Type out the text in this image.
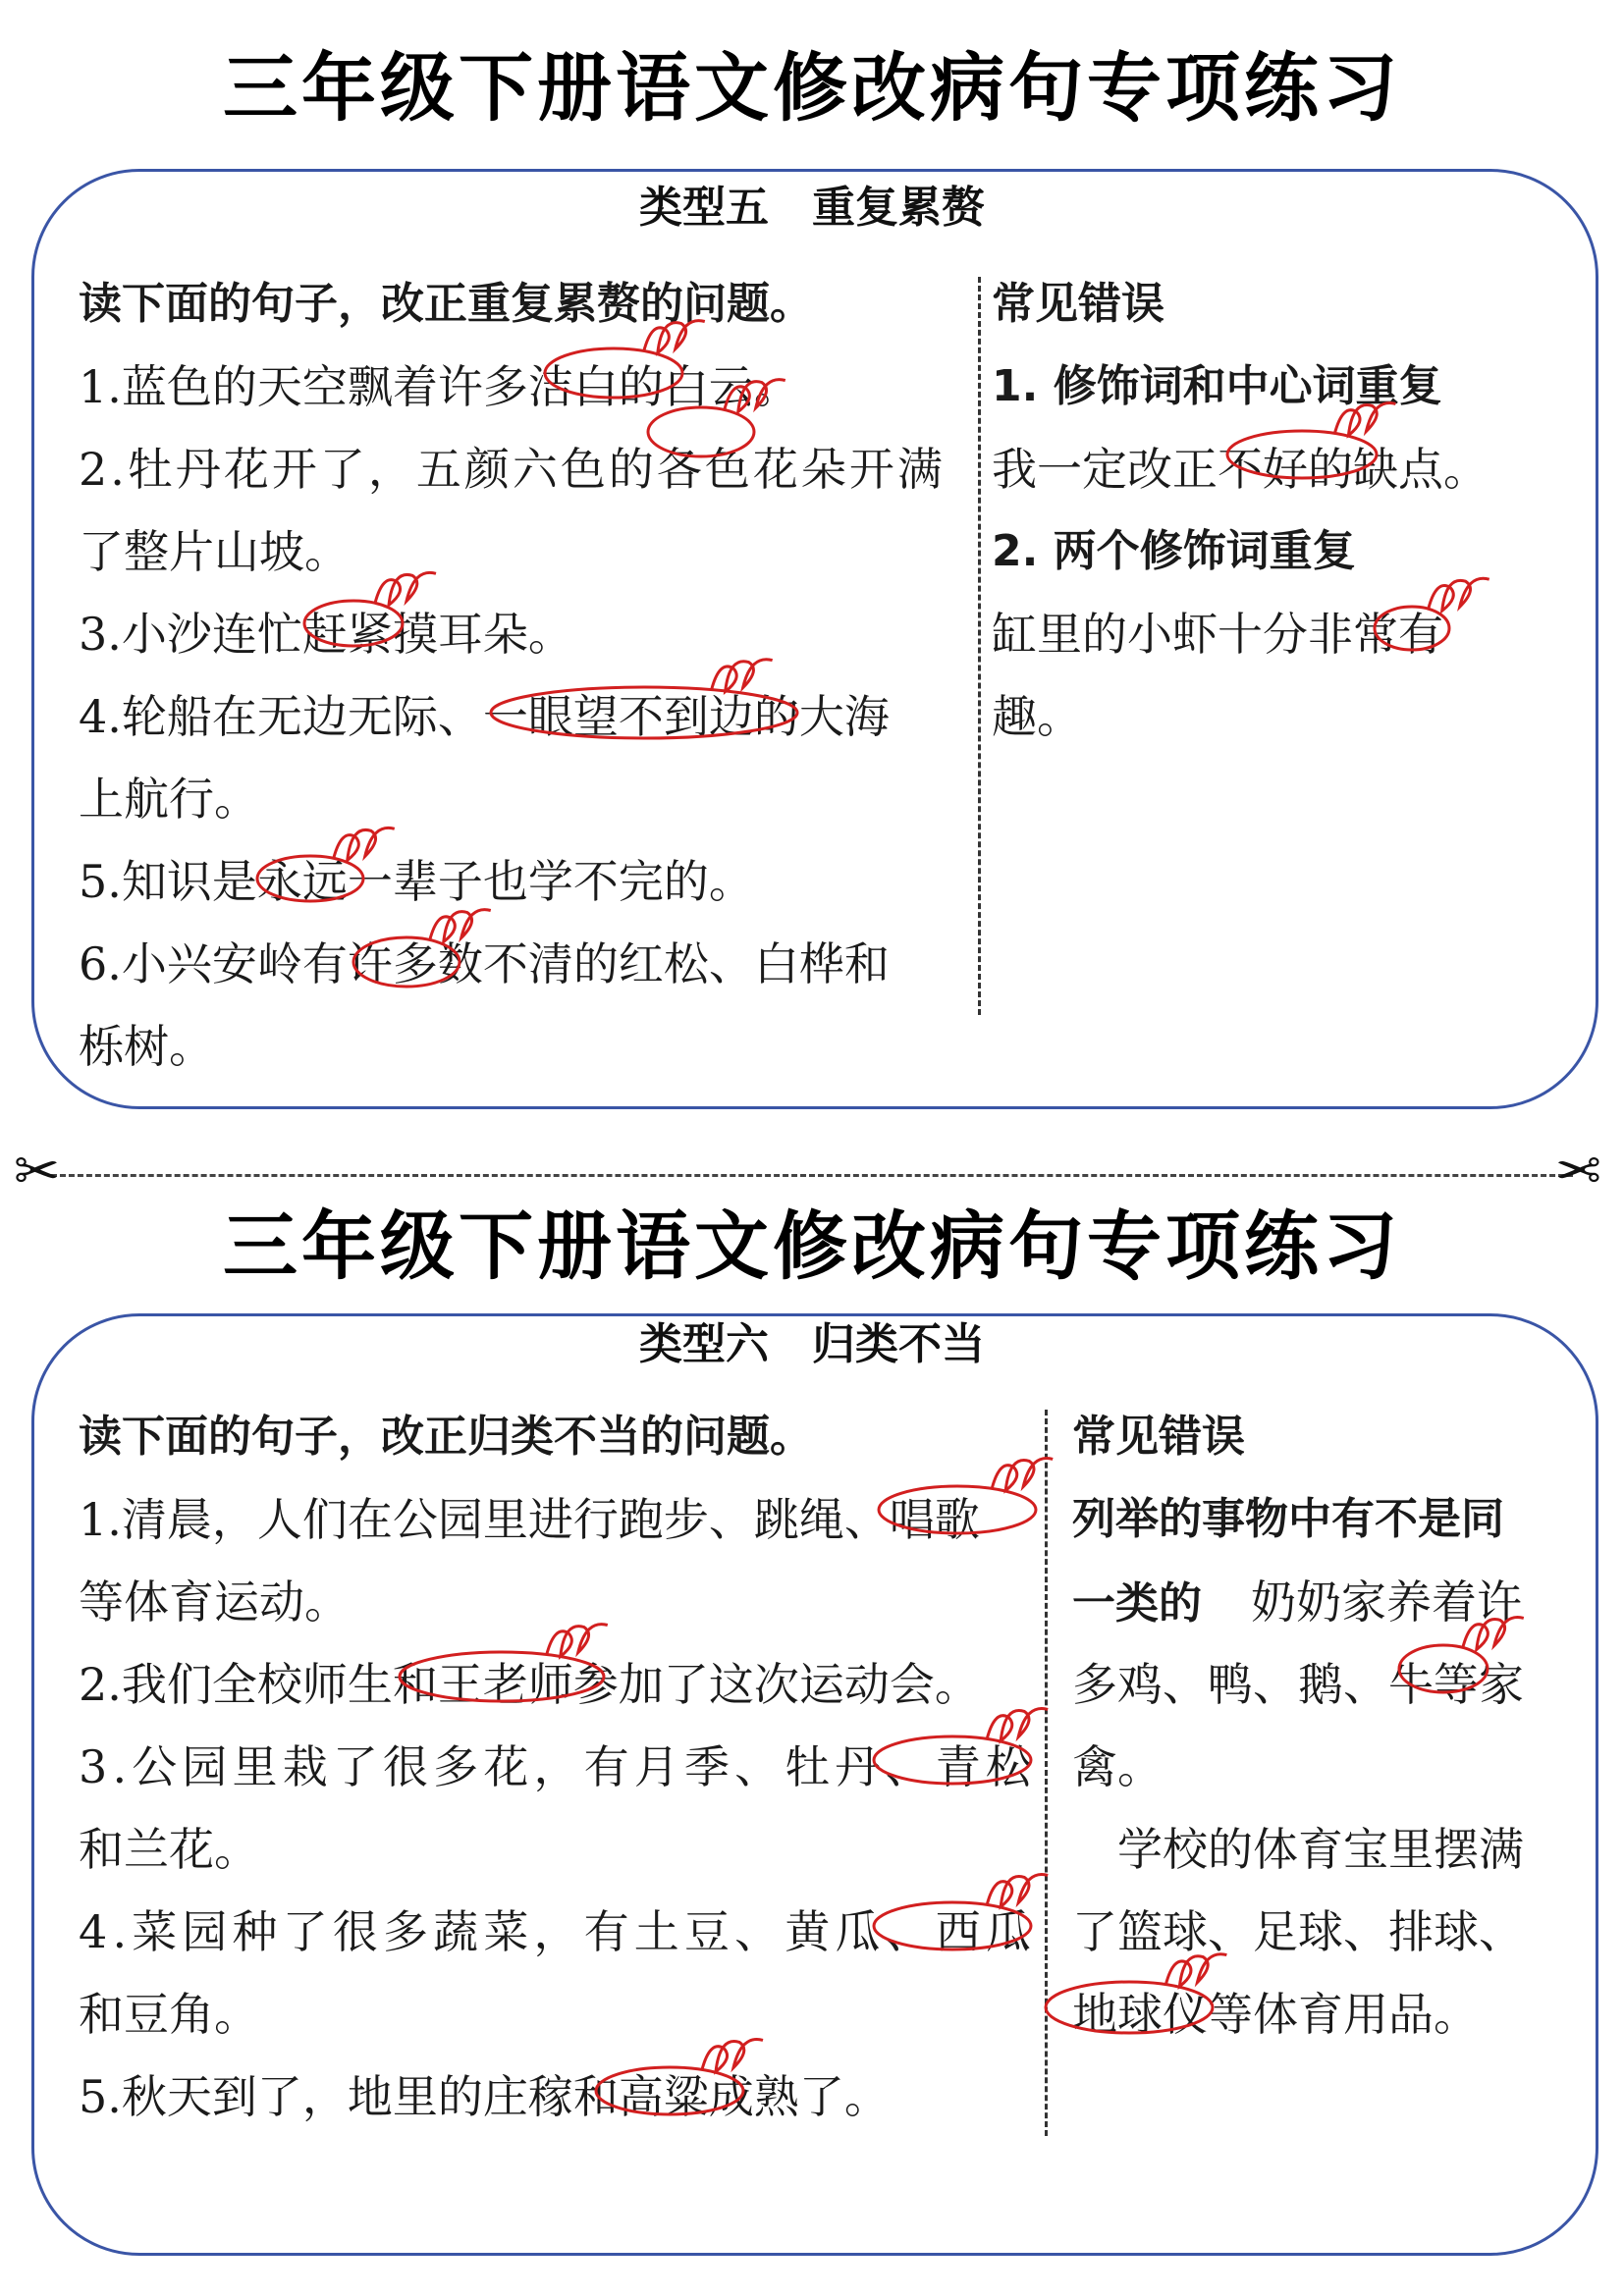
三年级下册语文修改病句专项练习
类型五　重复累赘
读下面的句子，改正重复累赘的问题。
1.蓝色的天空飘着许多洁白的白云。
2 . 牡 丹 花 开 了 ， 五 颜 六 色 的 各 色 花 朵 开 满
了整片山坡。
3.小沙连忙赶紧摸耳朵。
4.轮船在无边无际、一眼望不到边的大海
上航行。
5.知识是永远一辈子也学不完的。
6.小兴安岭有许多数不清的红松、白桦和
栎树。
常见错误
1. 修饰词和中心词重复
我一定改正不好的缺点。
2. 两个修饰词重复
缸里的小虾十分非常有
趣。
✂	✂
三年级下册语文修改病句专项练习
类型六　归类不当
读下面的句子，改正归类不当的问题。
1.清晨，人们在公园里进行跑步、跳绳、唱歌
等体育运动。
2.我们全校师生和王老师参加了这次运动会。
3 . 公 园 里 栽 了 很 多 花 ， 有 月 季 、 牡 丹 、 青 松
和兰花。
4 . 菜 园 种 了 很 多 蔬 菜 ， 有 土 豆 、 黄 瓜 、 西 瓜
和豆角。
5.秋天到了，地里的庄稼和高粱成熟了。
常见错误
列举的事物中有不是同
一类的 奶奶家养着许
多鸡、鸭、鹅、牛等家
禽。
　学校的体育宝里摆满
了篮球、足球、排球、
地球仪等体育用品。
